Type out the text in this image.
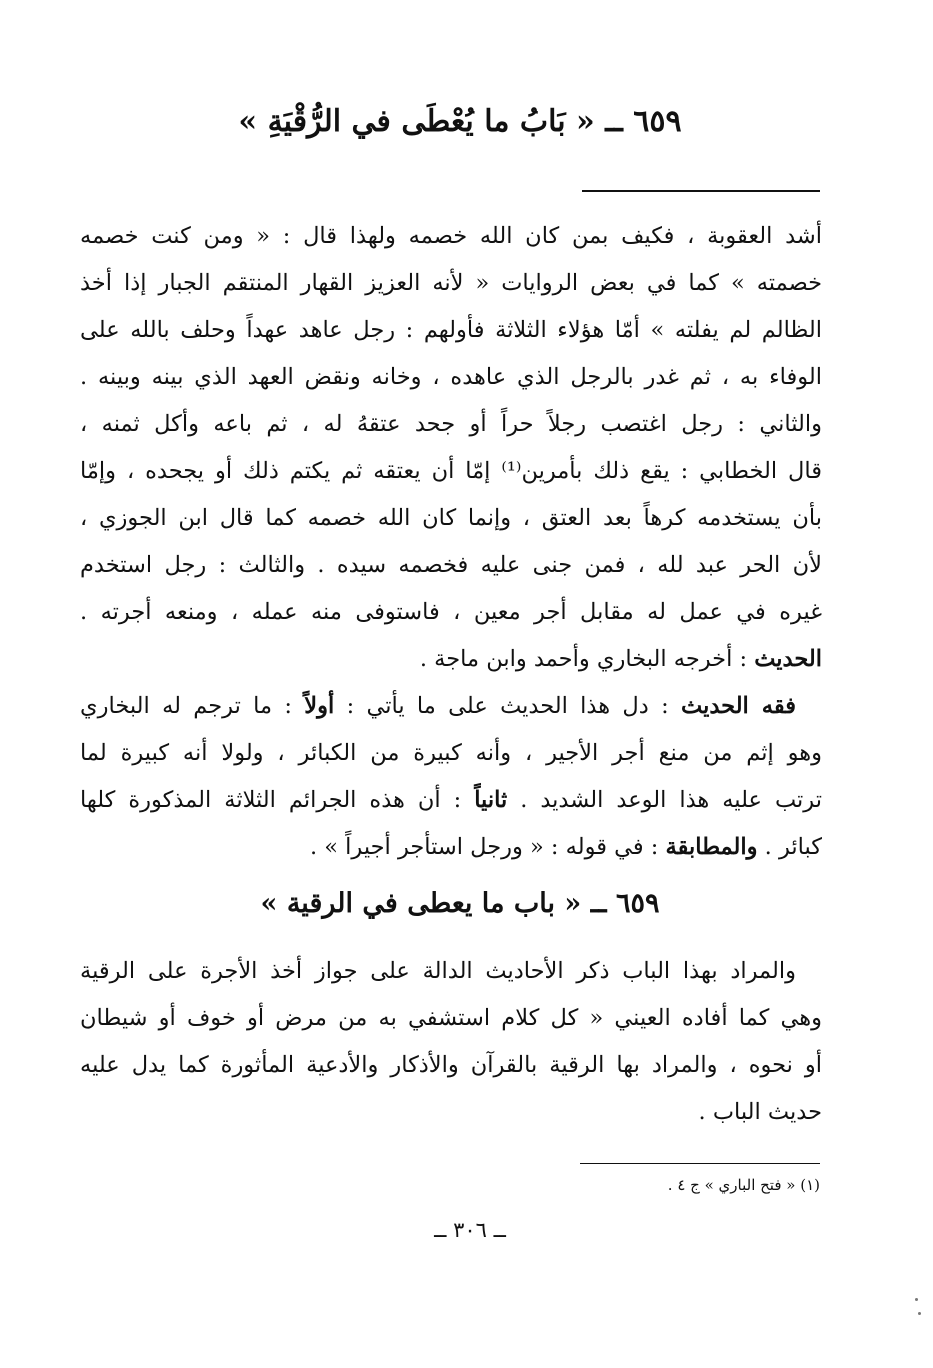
٦٥٩ ــ « بَابُ ما يُعْطَى في الرُّقْيَةِ »
أشد العقوبة ، فكيف بمن كان الله خصمه ولهذا قال : « ومن كنت خصمه
خصمته » كما في بعض الروايات « لأنه العزيز القهار المنتقم الجبار إذا أخذ
الظالم لم يفلته » أمّا هؤلاء الثلاثة فأولهم : رجل عاهد عهداً وحلف بالله على
الوفاء به ، ثم غدر بالرجل الذي عاهده ، وخانه ونقض العهد الذي بينه وبينه .
والثاني : رجل اغتصب رجلاً حراً أو جحد عتقهُ له ، ثم باعه وأكل ثمنه ،
قال الخطابي : يقع ذلك بأمرين⁽¹⁾ إمّا أن يعتقه ثم يكتم ذلك أو يجحده ، وإمّا
بأن يستخدمه كرهاً بعد العتق ، وإنما كان الله خصمه كما قال ابن الجوزي ،
لأن الحر عبد لله ، فمن جنى عليه فخصمه سيده . والثالث : رجل استخدم
غيره في عمل له مقابل أجر معين ، فاستوفى منه عمله ، ومنعه أجرته .
الحديث : أخرجه البخاري وأحمد وابن ماجة .
فقه الحديث : دل هذا الحديث على ما يأتي : أولاً : ما ترجم له البخاري
وهو إثم من منع أجر الأجير ، وأنه كبيرة من الكبائر ، ولولا أنه كبيرة لما
ترتب عليه هذا الوعد الشديد . ثانياً : أن هذه الجرائم الثلاثة المذكورة كلها
كبائر . والمطابقة : في قوله : « ورجل استأجر أجيراً » .
٦٥٩ ــ « باب ما يعطى في الرقية »
والمراد بهذا الباب ذكر الأحاديث الدالة على جواز أخذ الأجرة على الرقية
وهي كما أفاده العيني « كل كلام استشفي به من مرض أو خوف أو شيطان
أو نحوه ، والمراد بها الرقية بالقرآن والأذكار والأدعية المأثورة كما يدل عليه
حديث الباب .
(١) « فتح الباري » ج ٤ .
ــ ٣٠٦ ــ
